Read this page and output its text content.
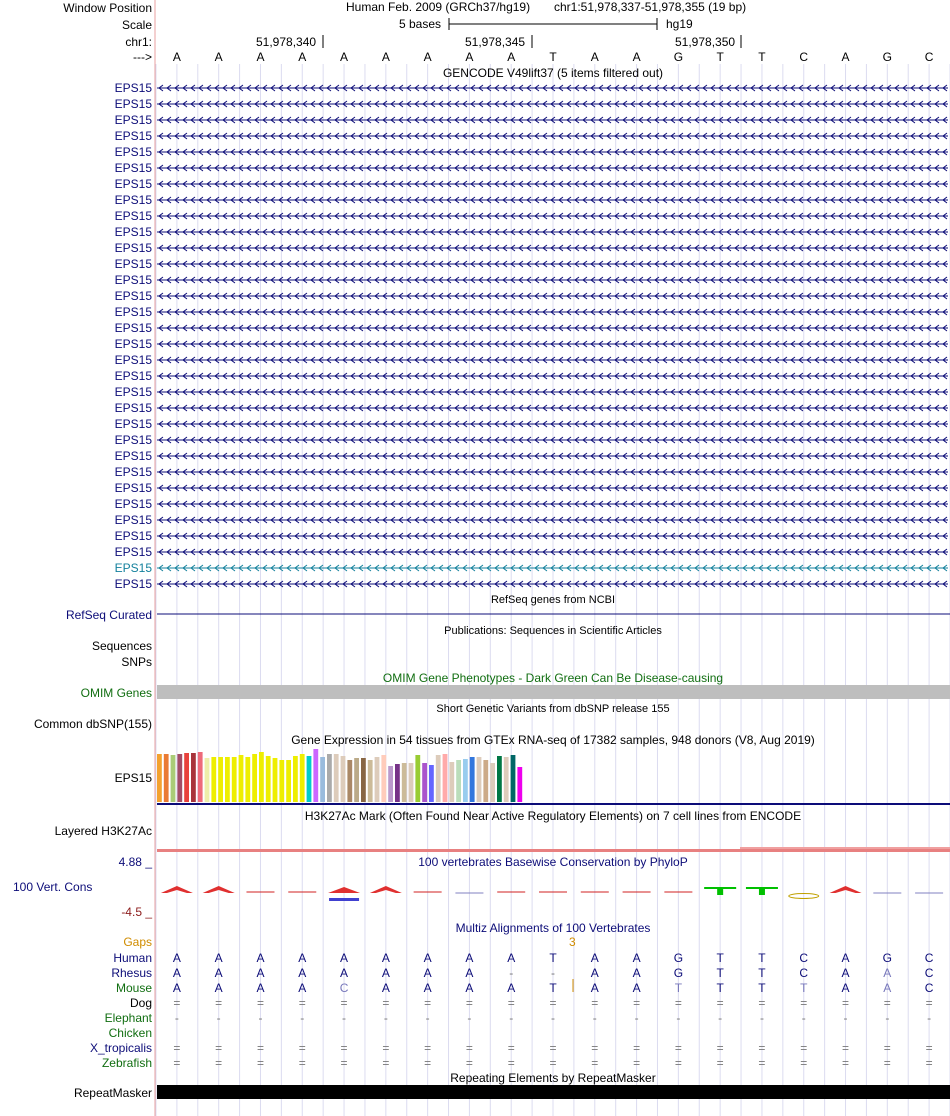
Window Position	Human Feb. 2009 (GRCh37/hg19) chr1:51,978,337-51,978,355 (19 bp)
Scale	5 bases	hg19
chr1:	51,978,340	51,978,345	51,978,350
--->	A	A	A	A	A	A	A	A	A	T	A	A	G	T	T	C	A	G	C
GENCODE V49lift37 (5 items filtered out)
EPS15
EPS15
EPS15
EPS15
EPS15
EPS15
EPS15
EPS15
EPS15
EPS15
EPS15
EPS15
EPS15
EPS15
EPS15
EPS15
EPS15
EPS15
EPS15
EPS15
EPS15
EPS15
EPS15
EPS15
EPS15
EPS15
EPS15
EPS15
EPS15
EPS15
EPS15
EPS15
RefSeq Curated
RefSeq genes from NCBI
Publications: Sequences in Scientific Articles
Sequences
SNPs
OMIM Gene Phenotypes - Dark Green Can Be Disease-causing
OMIM Genes
Short Genetic Variants from dbSNP release 155
Common dbSNP(155)
Gene Expression in 54 tissues from GTEx RNA-seq of 17382 samples, 948 donors (V8, Aug 2019)
EPS15
H3K27Ac Mark (Often Found Near Active Regulatory Elements) on 7 cell lines from ENCODE
Layered H3K27Ac
100 vertebrates Basewise Conservation by PhyloP
4.88 _
100 Vert. Cons
-4.5 _
Multiz Alignments of 100 Vertebrates
Gaps	3
Human	A	A	A	A	A	A	A	A	A	T	A	A	G	T	T	C	A	G	C
Rhesus	A	A	A	A	A	A	A	A	-	-	A	A	G	T	T	C	A	A	C
Mouse	A	A	A	A	C	A	A	A	A	T	A	A	T	T	T	T	A	A	C
Dog	=	=	=	=	=	=	=	=	=	=	=	=	=	=	=	=	=	=	=
Elephant	-	-	-	-	-	-	-	-	-	-	-	-	-	-	-	-	-	-	-
Chicken
X_tropicalis	=	=	=	=	=	=	=	=	=	=	=	=	=	=	=	=	=	=	=
Zebrafish	=	=	=	=	=	=	=	=	=	=	=	=	=	=	=	=	=	=	=
Repeating Elements by RepeatMasker
RepeatMasker
